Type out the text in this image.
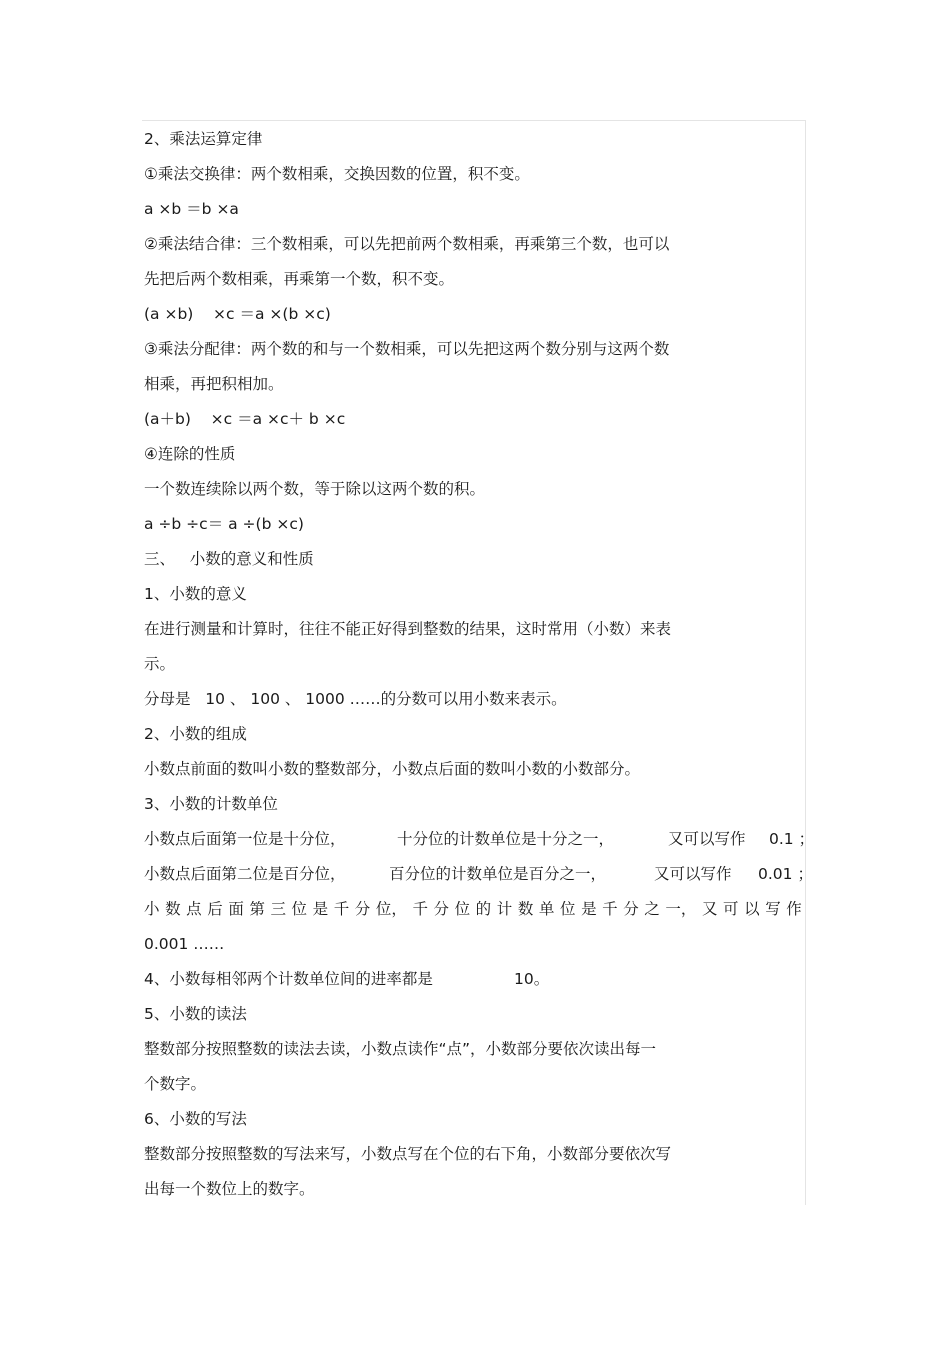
2、乘法运算定律
①乘法交换律：两个数相乘，交换因数的位置，积不变。
a ×b ＝b ×a
②乘法结合律：三个数相乘，可以先把前两个数相乘，再乘第三个数，也可以
先把后两个数相乘，再乘第一个数，积不变。
(a ×b)    ×c ＝a ×(b ×c)
③乘法分配律：两个数的和与一个数相乘，可以先把这两个数分别与这两个数
相乘，再把积相加。
(a＋b)    ×c ＝a ×c＋ b ×c
④连除的性质
一个数连续除以两个数，等于除以这两个数的积。
a ÷b ÷c＝ a ÷(b ×c)
三、   小数的意义和性质
1、小数的意义
在进行测量和计算时，往往不能正好得到整数的结果，这时常用（小数）来表
示。
分母是   10 、 100 、 1000 ……的分数可以用小数来表示。
2、小数的组成
小数点前面的数叫小数的整数部分，小数点后面的数叫小数的小数部分。
3、小数的计数单位
小数点后面第一位是十分位，	十分位的计数单位是十分之一，	又可以写作 0.1 ；
小数点后面第二位是百分位，	百分位的计数单位是百分之一，	又可以写作 0.01 ；
小 数 点 后 面 第 三 位 是 千 分 位， 千 分 位 的 计 数 单 位 是 千 分 之 一， 又 可 以 写 作
0.001 ……
4、小数每相邻两个计数单位间的进率都是	10。
5、小数的读法
整数部分按照整数的读法去读，小数点读作“点”，小数部分要依次读出每一
个数字。
6、小数的写法
整数部分按照整数的写法来写，小数点写在个位的右下角，小数部分要依次写
出每一个数位上的数字。
